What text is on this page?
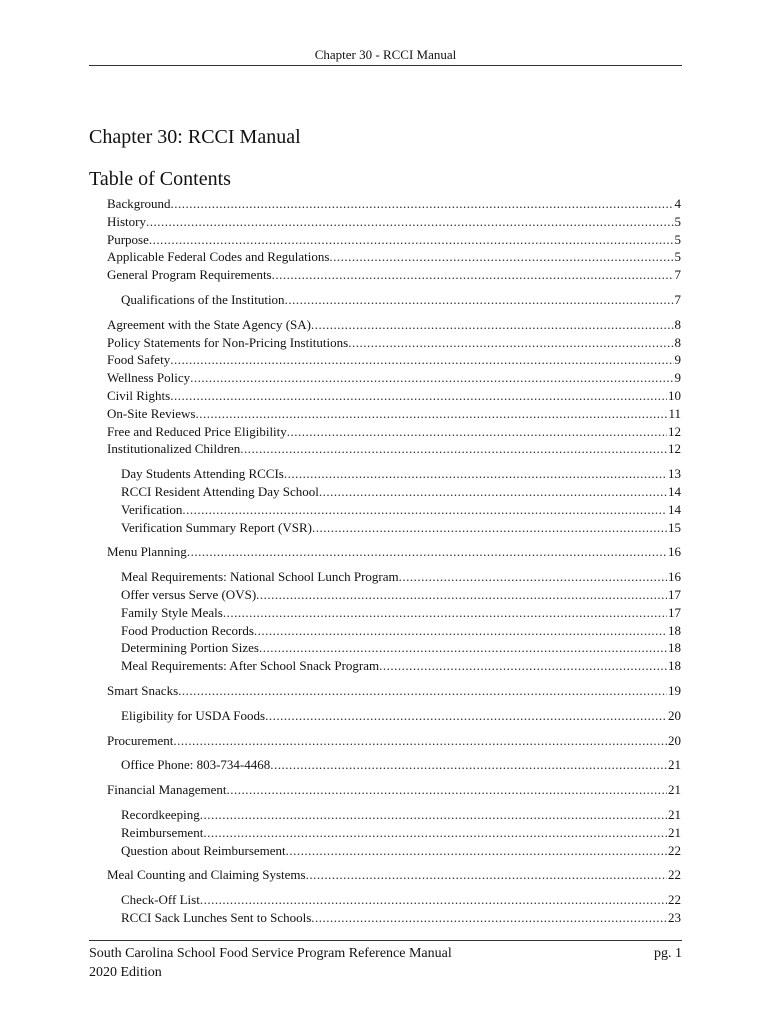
Chapter 30 - RCCI Manual
Chapter 30: RCCI Manual
Table of Contents
Background .....	4
History .....	5
Purpose .....	5
Applicable Federal Codes and Regulations .....	5
General Program Requirements .....	7
Qualifications of the Institution .....	7
Agreement with the State Agency (SA) .....	8
Policy Statements for Non-Pricing Institutions .....	8
Food Safety .....	9
Wellness Policy .....	9
Civil Rights .....	10
On-Site Reviews .....	11
Free and Reduced Price Eligibility .....	12
Institutionalized Children .....	12
Day Students Attending RCCIs .....	13
RCCI Resident Attending Day School .....	14
Verification .....	14
Verification Summary Report (VSR) .....	15
Menu Planning .....	16
Meal Requirements: National School Lunch Program .....	16
Offer versus Serve (OVS) .....	17
Family Style Meals .....	17
Food Production Records .....	18
Determining Portion Sizes .....	18
Meal Requirements: After School Snack Program .....	18
Smart Snacks .....	19
Eligibility for USDA Foods .....	20
Procurement .....	20
Office Phone: 803-734-4468 .....	21
Financial Management .....	21
Recordkeeping .....	21
Reimbursement .....	21
Question about Reimbursement .....	22
Meal Counting and Claiming Systems .....	22
Check-Off List .....	22
RCCI Sack Lunches Sent to Schools .....	23
South Carolina School Food Service Program Reference Manual
2020 Edition
pg. 1
